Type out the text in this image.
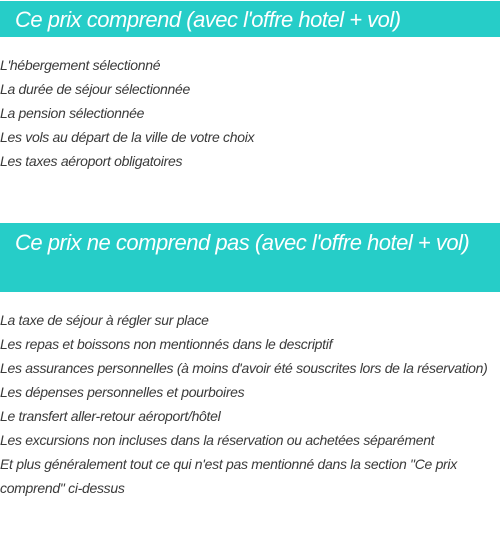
Ce prix comprend (avec l'offre hotel + vol)
L'hébergement sélectionné
La durée de séjour sélectionnée
La pension sélectionnée
Les vols au départ de la ville de votre choix
Les taxes aéroport obligatoires
Ce prix ne comprend pas (avec l'offre hotel + vol)
La taxe de séjour à régler sur place
Les repas et boissons non mentionnés dans le descriptif
Les assurances personnelles (à moins d'avoir été souscrites lors de la réservation)
Les dépenses personnelles et pourboires
Le transfert aller-retour aéroport/hôtel
Les excursions non incluses dans la réservation ou achetées séparément
Et plus généralement tout ce qui n'est pas mentionné dans la section "Ce prix comprend" ci-dessus
